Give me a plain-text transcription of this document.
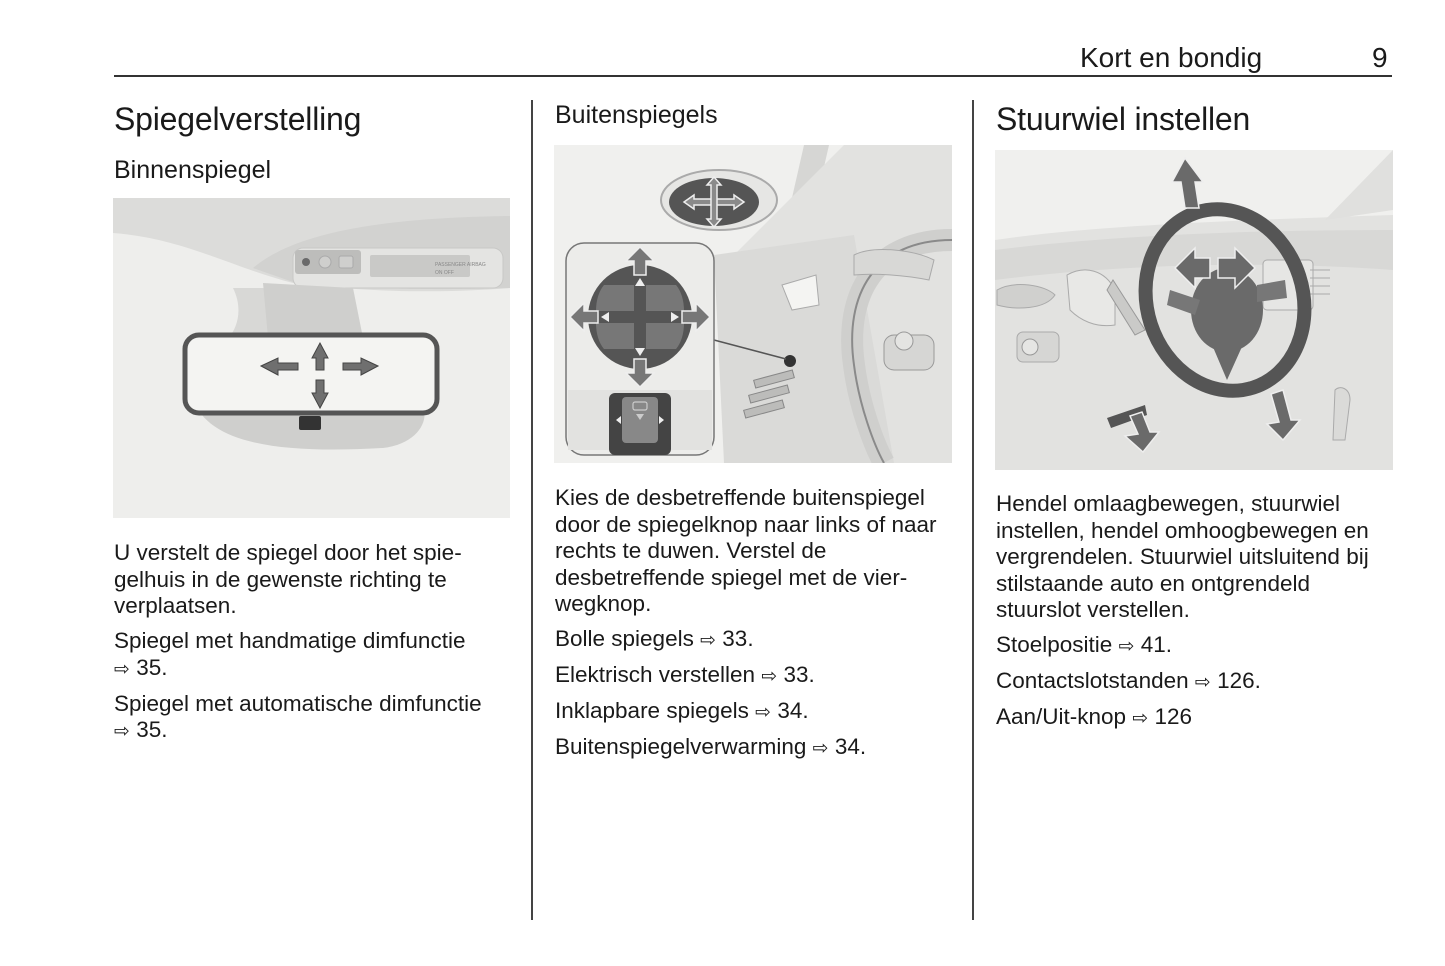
Kort en bondig	9
Spiegelverstelling
Binnenspiegel
PASSENGER AIRBAG
ON OFF

U verstelt de spiegel door het spie-gelhuis in de gewenste richting te verplaatsen.

Spiegel met handmatige dimfunctie
⇨ 35.

Spiegel met automatische dimfunctie
⇨ 35.

Buitenspiegels

Kies de desbetreffende buitenspiegel door de spiegelknop naar links of naar rechts te duwen. Verstel de desbetreffende spiegel met de vier-wegknop.

Bolle spiegels ⇨ 33.

Elektrisch verstellen ⇨ 33.

Inklapbare spiegels ⇨ 34.

Buitenspiegelverwarming ⇨ 34.

Stuurwiel instellen

Hendel omlaagbewegen, stuurwiel instellen, hendel omhoogbewegen en vergrendelen. Stuurwiel uitsluitend bij stilstaande auto en ontgrendeld stuurslot verstellen.

Stoelpositie ⇨ 41.

Contactslotstanden ⇨ 126.

Aan/Uit-knop ⇨ 126
